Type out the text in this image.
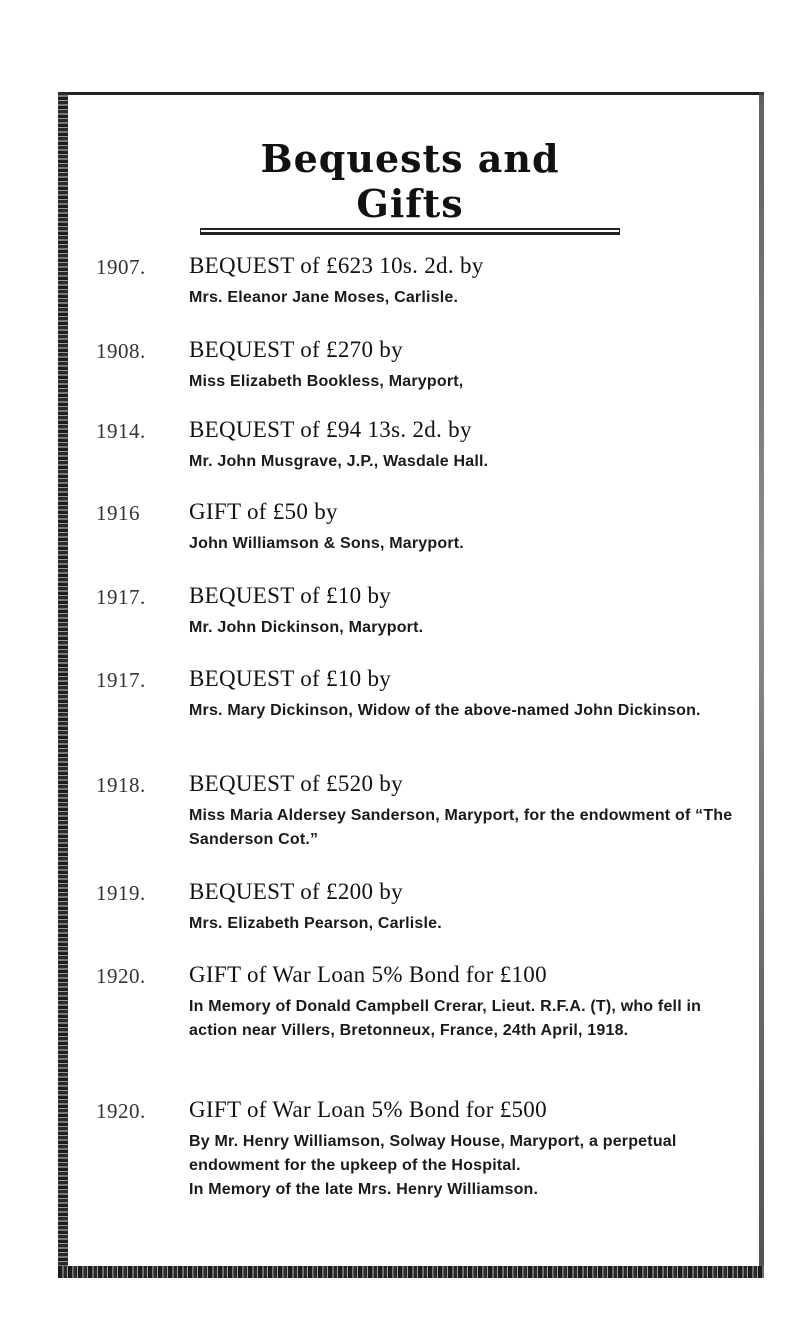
Bequests and Gifts
1907. BEQUEST of £623 10s. 2d. by

Mrs. Eleanor Jane Moses, Carlisle.

1908. BEQUEST of £270 by

Miss Elizabeth Bookless, Maryport,

1914. BEQUEST of £94 13s. 2d. by

Mr. John Musgrave, J.P., Wasdale Hall.

1916 GIFT of £50 by

John Williamson & Sons, Maryport.

1917. BEQUEST of £10 by

Mr. John Dickinson, Maryport.

1917. BEQUEST of £10 by

Mrs. Mary Dickinson, Widow of the above-named John Dickinson.

1918. BEQUEST of £520 by

Miss Maria Aldersey Sanderson, Maryport, for the endowment of “The Sanderson Cot.”

1919. BEQUEST of £200 by

Mrs. Elizabeth Pearson, Carlisle.

1920. GIFT of War Loan 5% Bond for £100

In Memory of Donald Campbell Crerar, Lieut. R.F.A. (T), who fell in action near Villers, Bretonneux, France, 24th April, 1918.

1920. GIFT of War Loan 5% Bond for £500

By Mr. Henry Williamson, Solway House, Maryport, a perpetual endowment for the upkeep of the Hospital.

In Memory of the late Mrs. Henry Williamson.
